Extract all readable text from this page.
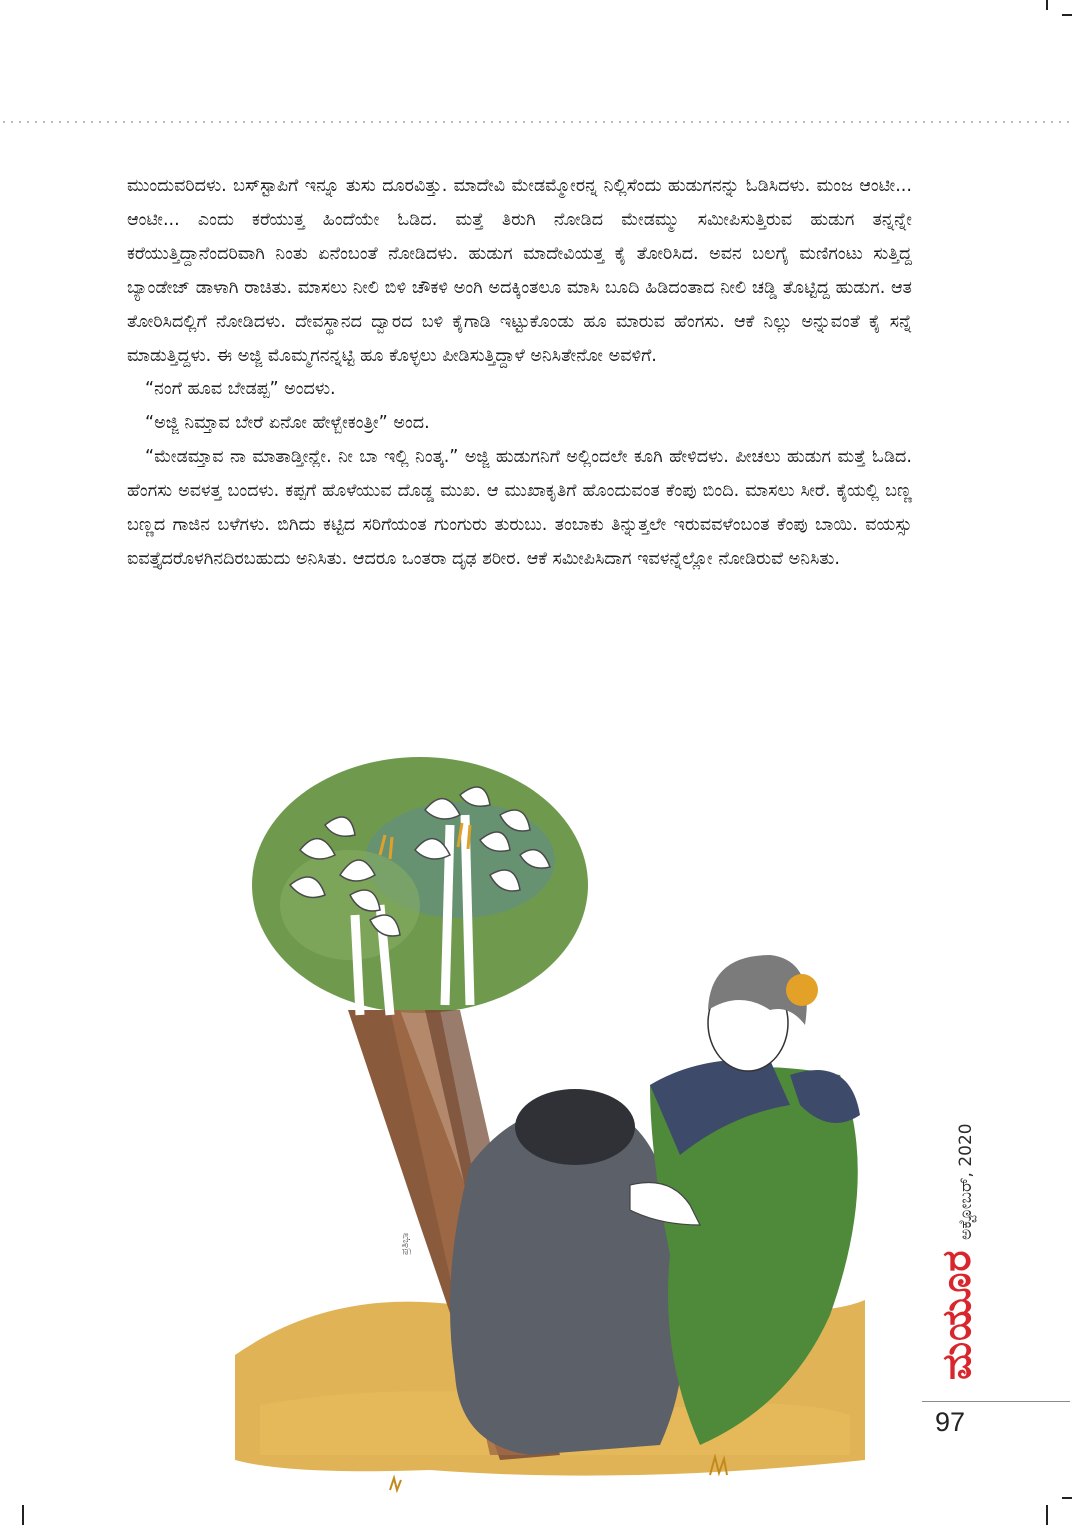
ಮುಂದುವರಿದಳು. ಬಸ್‌ಸ್ಟಾಪಿಗೆ ಇನ್ನೂ ತುಸು ದೂರವಿತ್ತು. ಮಾದೇವಿ ಮೇಡಮ್ಮೋರನ್ನ ನಿಲ್ಲಿಸೆಂದು ಹುಡುಗನನ್ನು ಓಡಿಸಿದಳು. ಮಂಜ ಆಂಟೀ... ಆಂಟೀ... ಎಂದು ಕರೆಯುತ್ತ ಹಿಂದೆಯೇ ಓಡಿದ. ಮತ್ತೆ ತಿರುಗಿ ನೋಡಿದ ಮೇಡಮ್ಮು ಸಮೀಪಿಸುತ್ತಿರುವ ಹುಡುಗ ತನ್ನನ್ನೇ ಕರೆಯುತ್ತಿದ್ದಾನೆಂದರಿವಾಗಿ ನಿಂತು ಏನೆಂಬಂತೆ ನೋಡಿದಳು. ಹುಡುಗ ಮಾದೇವಿಯತ್ತ ಕೈ ತೋರಿಸಿದ. ಅವನ ಬಲಗೈ ಮಣಿಗಂಟು ಸುತ್ತಿದ್ದ ಬ್ಯಾಂಡೇಜ್ ಡಾಳಾಗಿ ರಾಚಿತು. ಮಾಸಲು ನೀಲಿ ಬಿಳಿ ಚೌಕಳಿ ಅಂಗಿ ಅದಕ್ಕಿಂತಲೂ ಮಾಸಿ ಬೂದಿ ಹಿಡಿದಂತಾದ ನೀಲಿ ಚಡ್ಡಿ ತೊಟ್ಟಿದ್ದ ಹುಡುಗ. ಆತ ತೋರಿಸಿದಲ್ಲಿಗೆ ನೋಡಿದಳು. ದೇವಸ್ಥಾನದ ದ್ವಾರದ ಬಳಿ ಕೈಗಾಡಿ ಇಟ್ಟುಕೊಂಡು ಹೂ ಮಾರುವ ಹೆಂಗಸು. ಆಕೆ ನಿಲ್ಲು ಅನ್ನುವಂತೆ ಕೈ ಸನ್ನೆ ಮಾಡುತ್ತಿದ್ದಳು. ಈ ಅಜ್ಜಿ ಮೊಮ್ಮಗನನ್ನಟ್ಟಿ ಹೂ ಕೊಳ್ಳಲು ಪೀಡಿಸುತ್ತಿದ್ದಾಳೆ ಅನಿಸಿತೇನೋ ಅವಳಿಗೆ.

“ನಂಗೆ ಹೂವ ಬೇಡಪ್ಪ” ಅಂದಳು.

“ಅಜ್ಜಿ ನಿಮ್ತಾವ ಬೇರೆ ಏನೋ ಹೇಳ್ಬೇಕಂತ್ರೀ” ಅಂದ.

“ಮೇಡಮ್ತಾವ ನಾ ಮಾತಾಡ್ತೀನ್ಲೇ. ನೀ ಬಾ ಇಲ್ಲಿ ನಿಂತ್ಕ.” ಅಜ್ಜಿ ಹುಡುಗನಿಗೆ ಅಲ್ಲಿಂದಲೇ ಕೂಗಿ ಹೇಳಿದಳು. ಪೀಚಲು ಹುಡುಗ ಮತ್ತೆ ಓಡಿದ. ಹೆಂಗಸು ಅವಳತ್ತ ಬಂದಳು. ಕಪ್ಪಗೆ ಹೊಳೆಯುವ ದೊಡ್ಡ ಮುಖ. ಆ ಮುಖಾಕೃತಿಗೆ ಹೊಂದುವಂತ ಕೆಂಪು ಬಿಂದಿ. ಮಾಸಲು ಸೀರೆ. ಕೈಯಲ್ಲಿ ಬಣ್ಣ ಬಣ್ಣದ ಗಾಜಿನ ಬಳೆಗಳು. ಬಿಗಿದು ಕಟ್ಟಿದ ಸರಿಗೆಯಂತ ಗುಂಗುರು ತುರುಬು. ತಂಬಾಕು ತಿನ್ನುತ್ತಲೇ ಇರುವವಳೆಂಬಂತ ಕೆಂಪು ಬಾಯಿ. ವಯಸ್ಸು ಐವತ್ತೈದರೊಳಗಿನದಿರಬಹುದು ಅನಿಸಿತು. ಆದರೂ ಒಂತರಾ ದೃಢ ಶರೀರ. ಆಕೆ ಸಮೀಪಿಸಿದಾಗ ಇವಳನ್ನೆಲ್ಲೋ ನೋಡಿರುವೆ ಅನಿಸಿತು.

ಪ್ರತಿಭಾ
ಅಕ್ಟೋಬರ್, 2020
ಮಯೂರ
97
